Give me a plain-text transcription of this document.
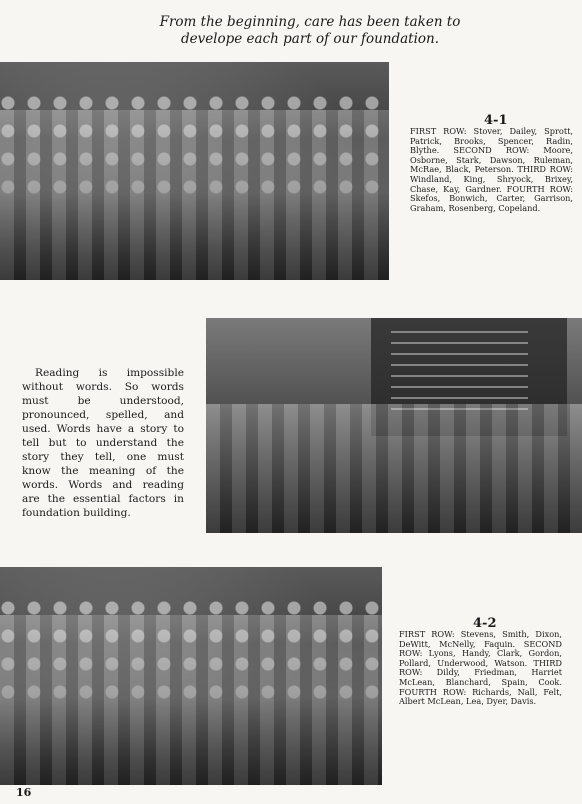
From the beginning, care has been taken to develope each part of our foundation.
4-1
FIRST ROW: Stover, Dailey, Sprott, Patrick, Brooks, Spencer, Radin, Blythe. SECOND ROW: Moore, Osborne, Stark, Dawson, Ruleman, McRae, Black, Peterson. THIRD ROW: Windland, King, Shryock, Brixey, Chase, Kay, Gardner. FOURTH ROW: Skefos, Bonwich, Carter, Garrison, Graham, Rosenberg, Copeland.
Reading is impossible without words. So words must be understood, pronounced, spelled, and used. Words have a story to tell but to understand the story they tell, one must know the meaning of the words. Words and reading are the essential factors in foundation building.
4-2
FIRST ROW: Stevens, Smith, Dixon, DeWitt, McNelly, Faquin. SECOND ROW: Lyons, Handy, Clark, Gordon, Pollard, Underwood, Watson. THIRD ROW: Dildy, Friedman, Harriet McLean, Blanchard, Spain, Cook. FOURTH ROW: Richards, Nall, Felt, Albert McLean, Lea, Dyer, Davis.
16
